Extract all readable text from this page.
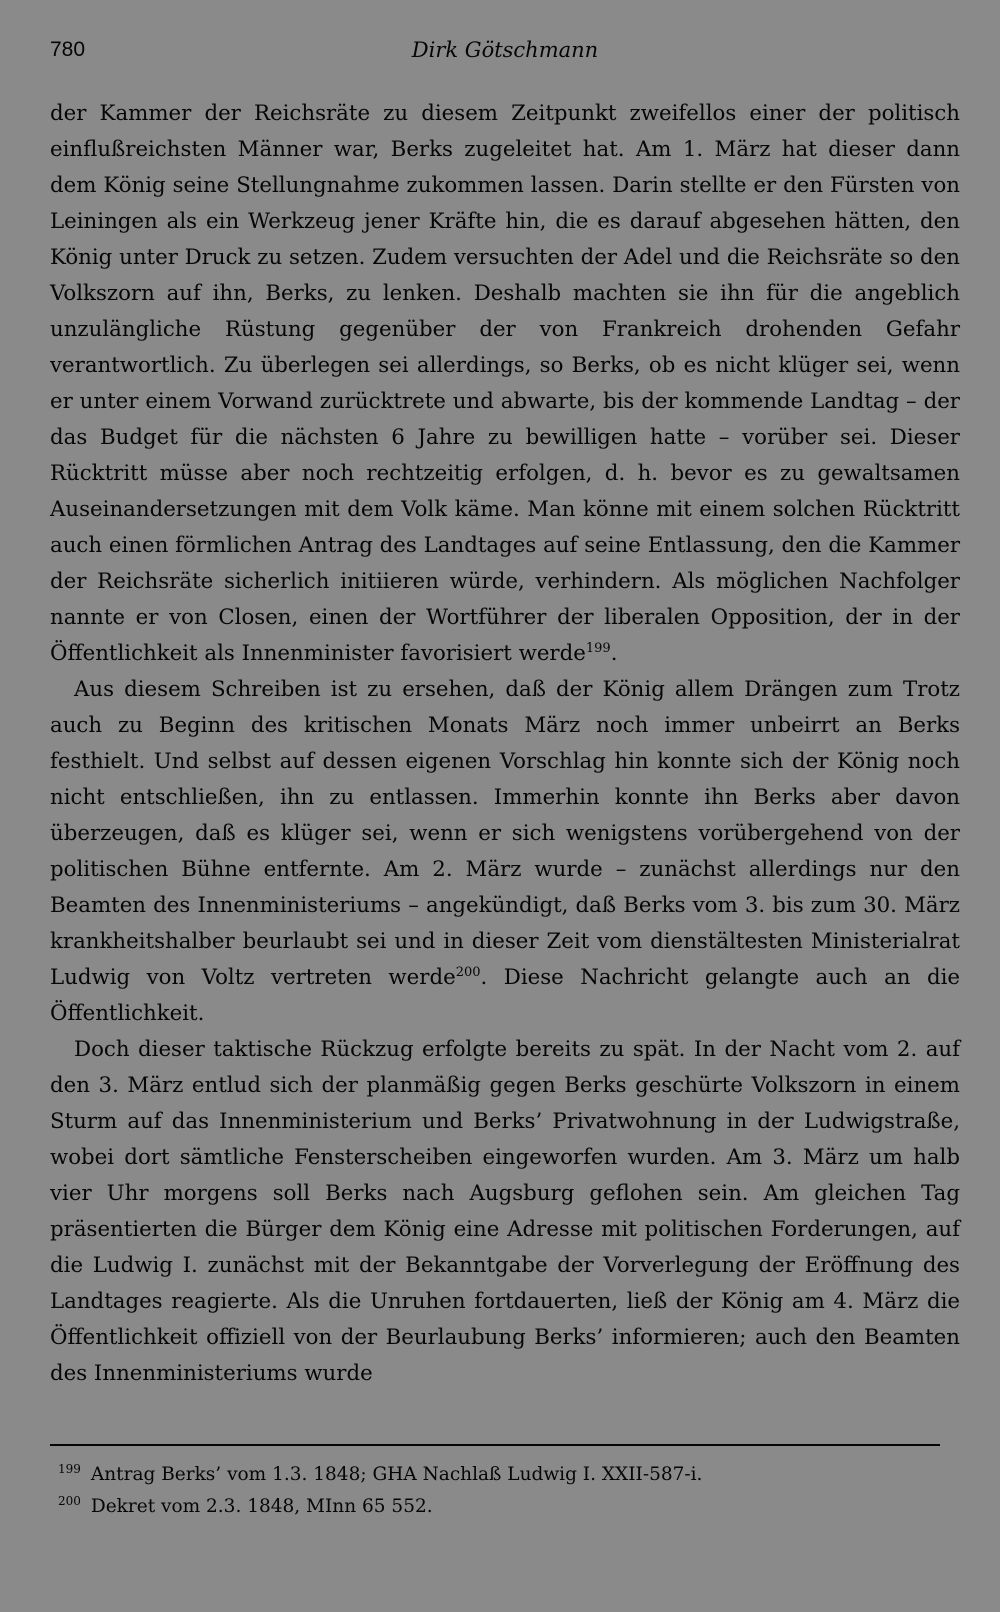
780	Dirk Götschmann

der Kammer der Reichsräte zu diesem Zeitpunkt zweifellos einer der politisch einflußreichsten Männer war, Berks zugeleitet hat. Am 1. März hat dieser dann dem König seine Stellungnahme zukommen lassen. Darin stellte er den Fürsten von Leiningen als ein Werkzeug jener Kräfte hin, die es darauf abgesehen hätten, den König unter Druck zu setzen. Zudem versuchten der Adel und die Reichsräte so den Volkszorn auf ihn, Berks, zu lenken. Deshalb machten sie ihn für die angeblich unzulängliche Rüstung gegenüber der von Frankreich drohenden Gefahr verantwortlich. Zu überlegen sei allerdings, so Berks, ob es nicht klüger sei, wenn er unter einem Vorwand zurücktrete und abwarte, bis der kommende Landtag – der das Budget für die nächsten 6 Jahre zu bewilligen hatte – vorüber sei. Dieser Rücktritt müsse aber noch rechtzeitig erfolgen, d. h. bevor es zu gewaltsamen Auseinandersetzungen mit dem Volk käme. Man könne mit einem solchen Rücktritt auch einen förmlichen Antrag des Landtages auf seine Entlassung, den die Kammer der Reichsräte sicherlich initiieren würde, verhindern. Als möglichen Nachfolger nannte er von Closen, einen der Wortführer der liberalen Opposition, der in der Öffentlichkeit als Innenminister favorisiert werde$^{199}$.

Aus diesem Schreiben ist zu ersehen, daß der König allem Drängen zum Trotz auch zu Beginn des kritischen Monats März noch immer unbeirrt an Berks festhielt. Und selbst auf dessen eigenen Vorschlag hin konnte sich der König noch nicht entschließen, ihn zu entlassen. Immerhin konnte ihn Berks aber davon überzeugen, daß es klüger sei, wenn er sich wenigstens vorübergehend von der politischen Bühne entfernte. Am 2. März wurde – zunächst allerdings nur den Beamten des Innenministeriums – angekündigt, daß Berks vom 3. bis zum 30. März krankheitshalber beurlaubt sei und in dieser Zeit vom dienstältesten Ministerialrat Ludwig von Voltz vertreten werde$^{200}$. Diese Nachricht gelangte auch an die Öffentlichkeit.

Doch dieser taktische Rückzug erfolgte bereits zu spät. In der Nacht vom 2. auf den 3. März entlud sich der planmäßig gegen Berks geschürte Volkszorn in einem Sturm auf das Innenministerium und Berks’ Privatwohnung in der Ludwigstraße, wobei dort sämtliche Fensterscheiben eingeworfen wurden. Am 3. März um halb vier Uhr morgens soll Berks nach Augsburg geflohen sein. Am gleichen Tag präsentierten die Bürger dem König eine Adresse mit politischen Forderungen, auf die Ludwig I. zunächst mit der Bekanntgabe der Vorverlegung der Eröffnung des Landtages reagierte. Als die Unruhen fortdauerten, ließ der König am 4. März die Öffentlichkeit offiziell von der Beurlaubung Berks’ informieren; auch den Beamten des Innenministeriums wurde

$^{199}$ Antrag Berks’ vom 1.3. 1848; GHA Nachlaß Ludwig I. XXII-587-i.
$^{200}$ Dekret vom 2.3. 1848, MInn 65 552.
